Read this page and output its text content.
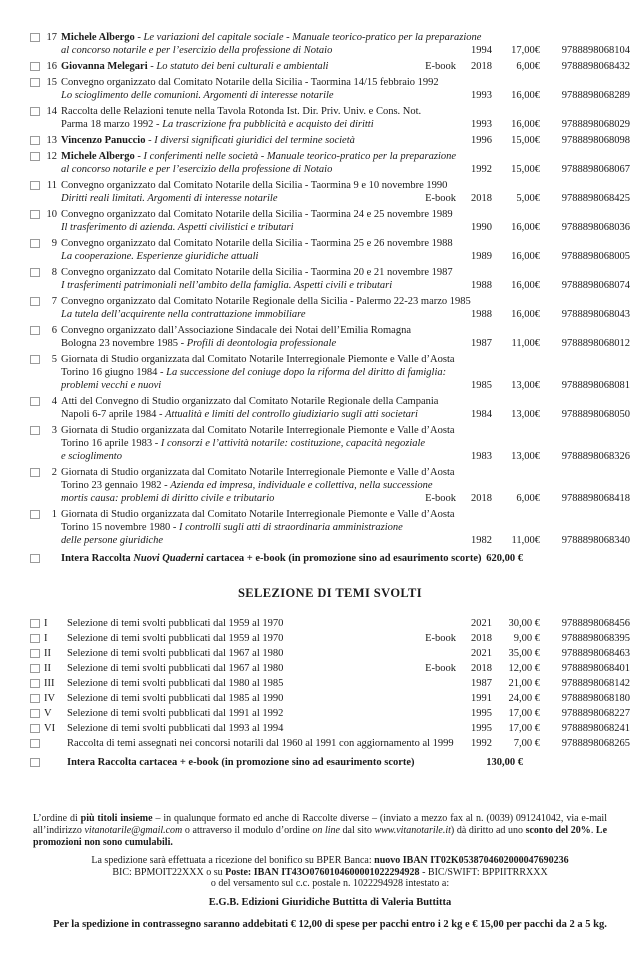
17 Michele Albergo - Le variazioni del capitale sociale - Manuale teorico-pratico per la preparazione
al concorso notarile e per l’esercizio della professione di Notaio	1994	17,00€	9788898068104
16 Giovanna Melegari - Lo statuto dei beni culturali e ambientali	E-book	2018	6,00€	9788898068432
15 Convegno organizzato dal Comitato Notarile della Sicilia - Taormina 14/15 febbraio 1992
Lo scioglimento delle comunioni. Argomenti di interesse notarile	1993	16,00€	9788898068289
14 Raccolta delle Relazioni tenute nella Tavola Rotonda Ist. Dir. Priv. Univ. e Cons. Not.
Parma 18 marzo 1992 - La trascrizione fra pubblicità e acquisto dei diritti	1993	16,00€	9788898068029
13 Vincenzo Panuccio - I diversi significati giuridici del termine società	1996	15,00€	9788898068098
12 Michele Albergo - I conferimenti nelle società - Manuale teorico-pratico per la preparazione
al concorso notarile e per l’esercizio della professione di Notaio	1992	15,00€	9788898068067
11 Convegno organizzato dal Comitato Notarile della Sicilia - Taormina 9 e 10 novembre 1990
Diritti reali limitati. Argomenti di interesse notarile	E-book	2018	5,00€	9788898068425
10 Convegno organizzato dal Comitato Notarile della Sicilia - Taormina 24 e 25 novembre 1989
Il trasferimento di azienda. Aspetti civilistici e tributari	1990	16,00€	9788898068036
9 Convegno organizzato dal Comitato Notarile della Sicilia - Taormina 25 e 26 novembre 1988
La cooperazione. Esperienze giuridiche attuali	1989	16,00€	9788898068005
8 Convegno organizzato dal Comitato Notarile della Sicilia - Taormina 20 e 21 novembre 1987
I trasferimenti patrimoniali nell’ambito della famiglia. Aspetti civili e tributari	1988	16,00€	9788898068074
7 Convegno organizzato dal Comitato Notarile Regionale della Sicilia - Palermo 22-23 marzo 1985
La tutela dell’acquirente nella contrattazione immobiliare	1988	16,00€	9788898068043
6 Convegno organizzato dall’Associazione Sindacale dei Notai dell’Emilia Romagna
Bologna 23 novembre 1985 - Profili di deontologia professionale	1987	11,00€	9788898068012
5 Giornata di Studio organizzata dal Comitato Notarile Interregionale Piemonte e Valle d’Aosta
Torino 16 giugno 1984 - La successione del coniuge dopo la riforma del diritto di famiglia:
problemi vecchi e nuovi	1985	13,00€	9788898068081
4 Atti del Convegno di Studio organizzato dal Comitato Notarile Regionale della Campania
Napoli 6-7 aprile 1984 - Attualità e limiti del controllo giudiziario sugli atti societari	1984	13,00€	9788898068050
3 Giornata di Studio organizzata dal Comitato Notarile Interregionale Piemonte e Valle d’Aosta
Torino 16 aprile 1983 - I consorzi e l’attività notarile: costituzione, capacità negoziale
e scioglimento	1983	13,00€	9788898068326
2 Giornata di Studio organizzata dal Comitato Notarile Interregionale Piemonte e Valle d’Aosta
Torino 23 gennaio 1982 - Azienda ed impresa, individuale e collettiva, nella successione
mortis causa: problemi di diritto civile e tributario	E-book	2018	6,00€	9788898068418
1 Giornata di Studio organizzata dal Comitato Notarile Interregionale Piemonte e Valle d’Aosta
Torino 15 novembre 1980 - I controlli sugli atti di straordinaria amministrazione
delle persone giuridiche	1982	11,00€	9788898068340
Intera Raccolta Nuovi Quaderni cartacea + e-book (in promozione sino ad esaurimento scorte) 620,00 €
SELEZIONE DI TEMI SVOLTI
I	Selezione di temi svolti pubblicati dal 1959 al 1970	2021	30,00 €	9788898068456
I	Selezione di temi svolti pubblicati dal 1959 al 1970	E-book	2018	9,00 €	9788898068395
II	Selezione di temi svolti pubblicati dal 1967 al 1980	2021	35,00 €	9788898068463
II	Selezione di temi svolti pubblicati dal 1967 al 1980	E-book	2018	12,00 €	9788898068401
III	Selezione di temi svolti pubblicati dal 1980 al 1985	1987	21,00 €	9788898068142
IV	Selezione di temi svolti pubblicati dal 1985 al 1990	1991	24,00 €	9788898068180
V	Selezione di temi svolti pubblicati dal 1991 al 1992	1995	17,00 €	9788898068227
VI	Selezione di temi svolti pubblicati dal 1993 al 1994	1995	17,00 €	9788898068241
Raccolta di temi assegnati nei concorsi notarili dal 1960 al 1991 con aggiornamento al 1999	1992	7,00 €	9788898068265
Intera Raccolta cartacea + e-book (in promozione sino ad esaurimento scorte)	130,00 €

L’ordine di più titoli insieme – in qualunque formato ed anche di Raccolte diverse – (inviato a mezzo fax al n. (0039) 091241042, via e-mail all’indirizzo vitanotarile@gmail.com o attraverso il modulo d’ordine on line dal sito www.vitanotarile.it) dà diritto ad uno sconto del 20%. Le promozioni non sono cumulabili.

La spedizione sarà effettuata a ricezione del bonifico su BPER Banca: nuovo IBAN IT02K0538704602000047690236
BIC: BPMOIT22XXX o su Poste: IBAN IT43O0760104600001022294928 - BIC/SWIFT: BPPIITRRXXX
o del versamento sul c.c. postale n. 1022294928 intestato a:

E.G.B. Edizioni Giuridiche Buttitta di Valeria Buttitta

Per la spedizione in contrassegno saranno addebitati € 12,00 di spese per pacchi entro i 2 kg e € 15,00 per pacchi da 2 a 5 kg.
